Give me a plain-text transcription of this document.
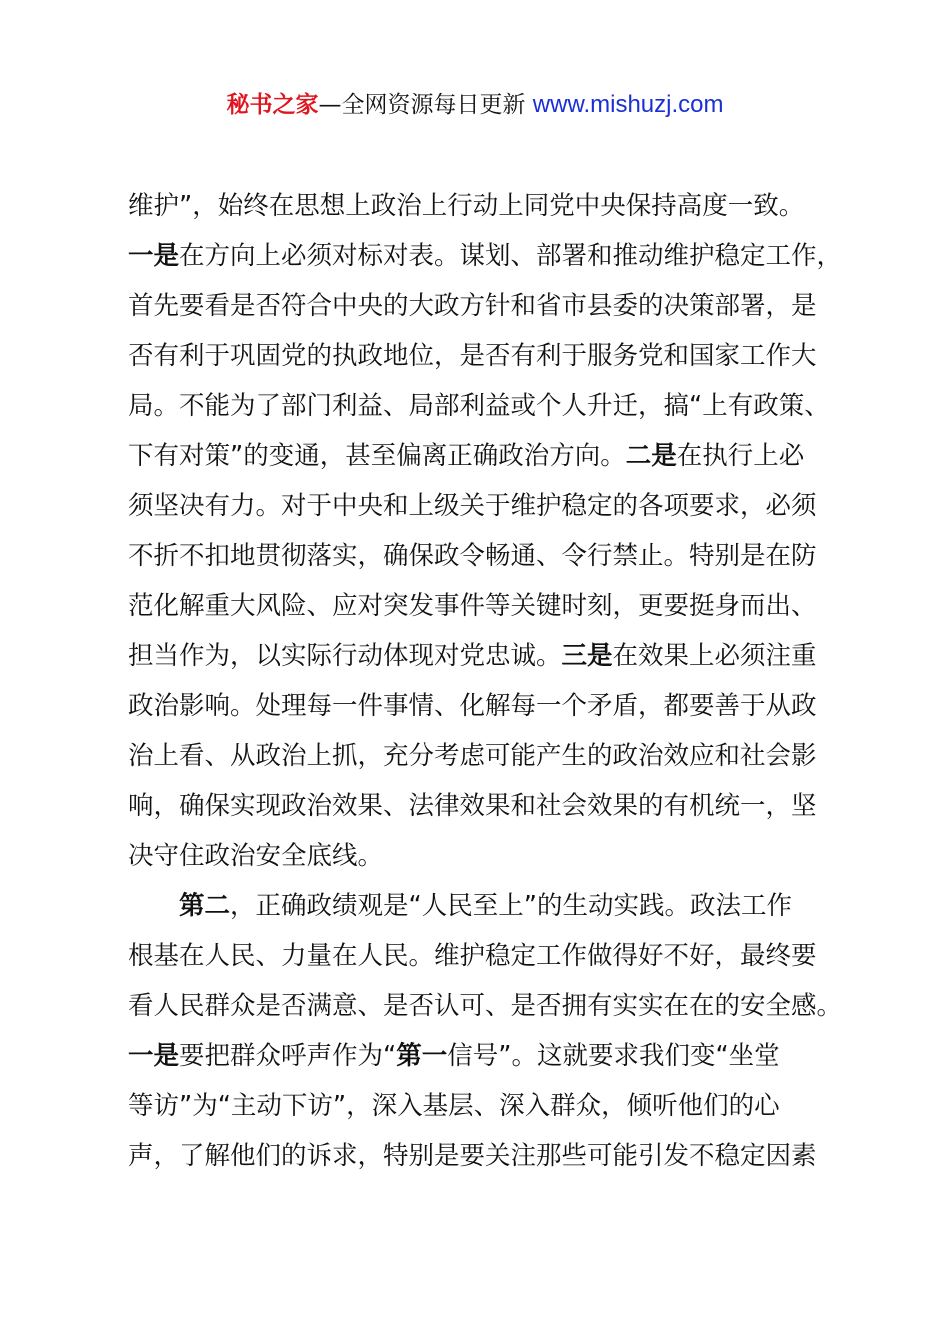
秘书之家—全网资源每日更新 www.mishuzj.com
维护”，始终在思想上政治上行动上同党中央保持高度一致。
一是在方向上必须对标对表。谋划、部署和推动维护稳定工作，
首先要看是否符合中央的大政方针和省市县委的决策部署，是
否有利于巩固党的执政地位，是否有利于服务党和国家工作大
局。不能为了部门利益、局部利益或个人升迁，搞“上有政策、
下有对策”的变通，甚至偏离正确政治方向。二是在执行上必
须坚决有力。对于中央和上级关于维护稳定的各项要求，必须
不折不扣地贯彻落实，确保政令畅通、令行禁止。特别是在防
范化解重大风险、应对突发事件等关键时刻，更要挺身而出、
担当作为，以实际行动体现对党忠诚。三是在效果上必须注重
政治影响。处理每一件事情、化解每一个矛盾，都要善于从政
治上看、从政治上抓，充分考虑可能产生的政治效应和社会影
响，确保实现政治效果、法律效果和社会效果的有机统一，坚
决守住政治安全底线。
　　第二，正确政绩观是“人民至上”的生动实践。政法工作
根基在人民、力量在人民。维护稳定工作做得好不好，最终要
看人民群众是否满意、是否认可、是否拥有实实在在的安全感。
一是要把群众呼声作为“第一信号”。这就要求我们变“坐堂
等访”为“主动下访”，深入基层、深入群众，倾听他们的心
声，了解他们的诉求，特别是要关注那些可能引发不稳定因素
